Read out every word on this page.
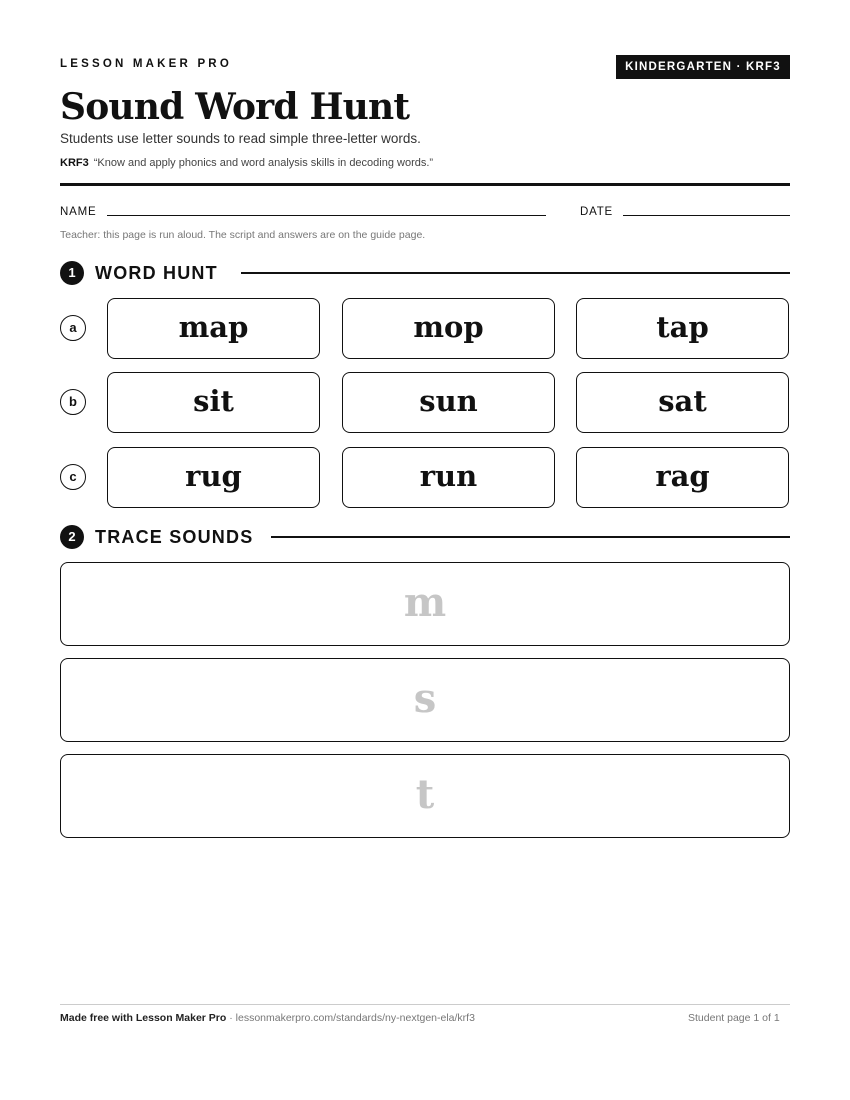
LESSON MAKER PRO	KINDERGARTEN · KRF3
Sound Word Hunt
Students use letter sounds to read simple three-letter words.
KRF3 “Know and apply phonics and word analysis skills in decoding words.”
NAME	DATE
Teacher: this page is run aloud. The script and answers are on the guide page.
1	WORD HUNT
a	map	mop	tap
b	sit	sun	sat
c	rug	run	rag
2	TRACE SOUNDS
m
s
t
Made free with Lesson Maker Pro · lessonmakerpro.com/standards/ny-nextgen-ela/krf3	Student page 1 of 1
